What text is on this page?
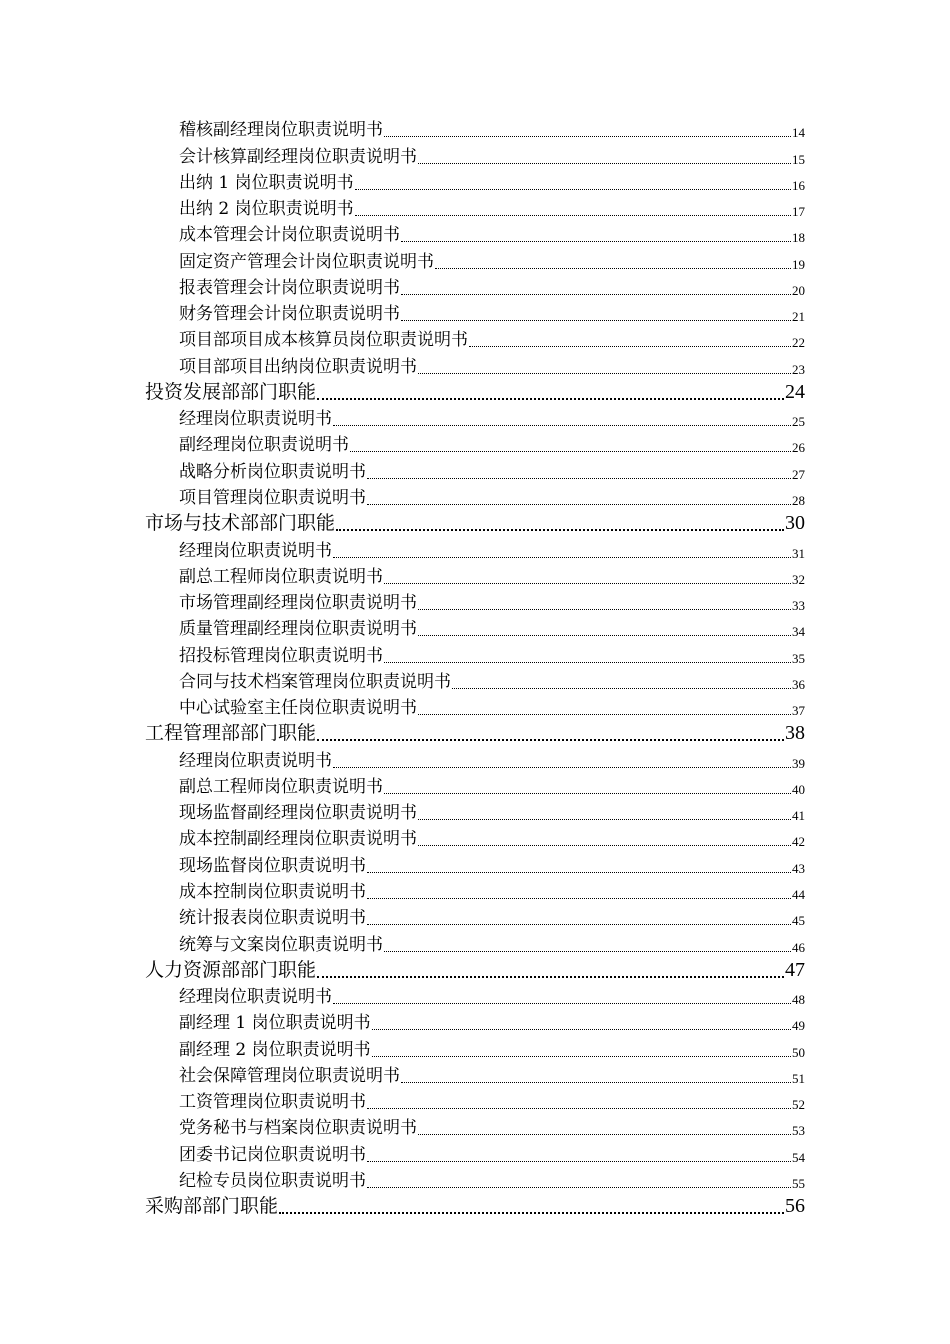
稽核副经理岗位职责说明书	14
会计核算副经理岗位职责说明书	15
出纳 1 岗位职责说明书	16
出纳 2 岗位职责说明书	17
成本管理会计岗位职责说明书	18
固定资产管理会计岗位职责说明书	19
报表管理会计岗位职责说明书	20
财务管理会计岗位职责说明书	21
项目部项目成本核算员岗位职责说明书	22
项目部项目出纳岗位职责说明书	23
投资发展部部门职能	24
经理岗位职责说明书	25
副经理岗位职责说明书	26
战略分析岗位职责说明书	27
项目管理岗位职责说明书	28
市场与技术部部门职能	30
经理岗位职责说明书	31
副总工程师岗位职责说明书	32
市场管理副经理岗位职责说明书	33
质量管理副经理岗位职责说明书	34
招投标管理岗位职责说明书	35
合同与技术档案管理岗位职责说明书	36
中心试验室主任岗位职责说明书	37
工程管理部部门职能	38
经理岗位职责说明书	39
副总工程师岗位职责说明书	40
现场监督副经理岗位职责说明书	41
成本控制副经理岗位职责说明书	42
现场监督岗位职责说明书	43
成本控制岗位职责说明书	44
统计报表岗位职责说明书	45
统筹与文案岗位职责说明书	46
人力资源部部门职能	47
经理岗位职责说明书	48
副经理 1 岗位职责说明书	49
副经理 2 岗位职责说明书	50
社会保障管理岗位职责说明书	51
工资管理岗位职责说明书	52
党务秘书与档案岗位职责说明书	53
团委书记岗位职责说明书	54
纪检专员岗位职责说明书	55
采购部部门职能	56
